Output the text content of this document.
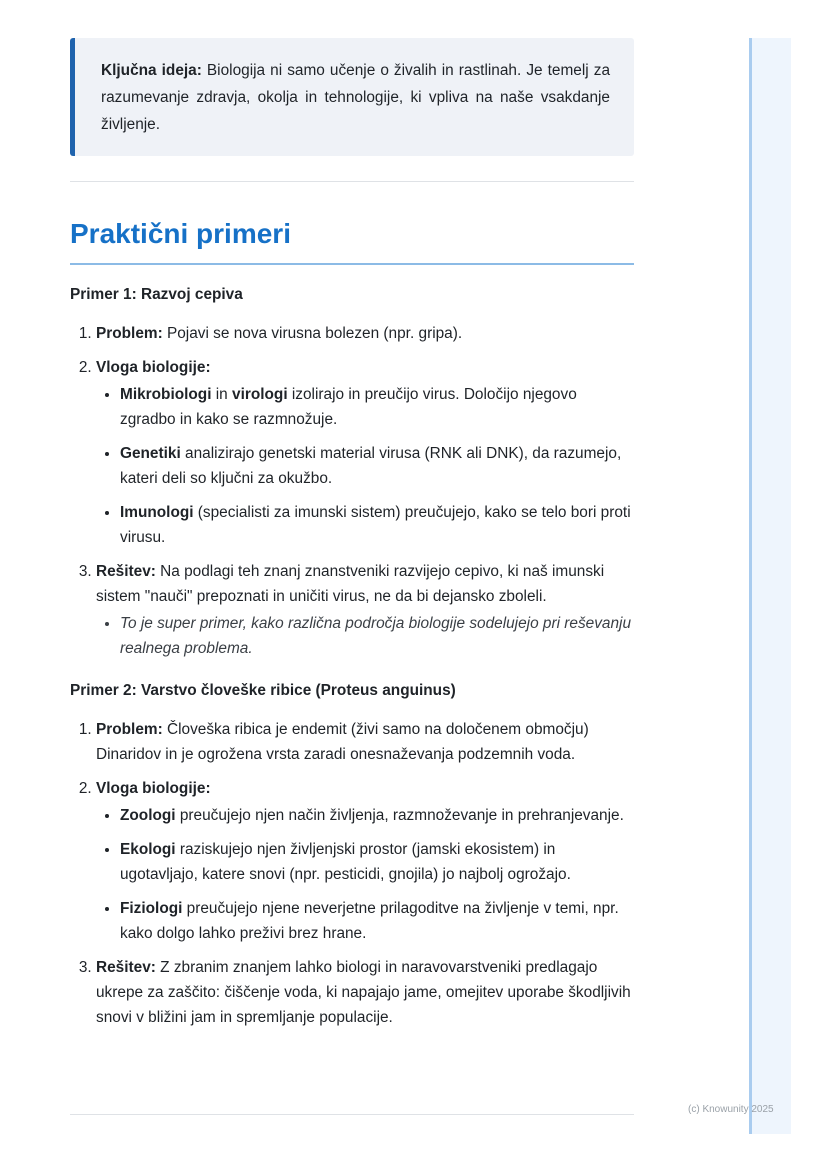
Ključna ideja: Biologija ni samo učenje o živalih in rastlinah. Je temelj za razumevanje zdravja, okolja in tehnologije, ki vpliva na naše vsakdanje življenje.
Praktični primeri
Primer 1: Razvoj cepiva
1. Problem: Pojavi se nova virusna bolezen (npr. gripa).
2. Vloga biologije:
• Mikrobiologi in virologi izolirajo in preučijo virus. Določijo njegovo zgradbo in kako se razmnožuje.
• Genetiki analizirajo genetski material virusa (RNK ali DNK), da razumejo, kateri deli so ključni za okužbo.
• Imunologi (specialisti za imunski sistem) preučujejo, kako se telo bori proti virusu.
3. Rešitev: Na podlagi teh znanj znanstveniki razvijejo cepivo, ki naš imunski sistem "nauči" prepoznati in uničiti virus, ne da bi dejansko zboleli.
• To je super primer, kako različna področja biologije sodelujejo pri reševanju realnega problema.
Primer 2: Varstvo človeške ribice (Proteus anguinus)
1. Problem: Človeška ribica je endemit (živi samo na določenem območju) Dinaridov in je ogrožena vrsta zaradi onesnaževanja podzemnih voda.
2. Vloga biologije:
• Zoologi preučujejo njen način življenja, razmnoževanje in prehranjevanje.
• Ekologi raziskujejo njen življenjski prostor (jamski ekosistem) in ugotavljajo, katere snovi (npr. pesticidi, gnojila) jo najbolj ogrožajo.
• Fiziologi preučujejo njene neverjetne prilagoditve na življenje v temi, npr. kako dolgo lahko preživi brez hrane.
3. Rešitev: Z zbranim znanjem lahko biologi in naravovarstveniki predlagajo ukrepe za zaščito: čiščenje voda, ki napajajo jame, omejitev uporabe škodljivih snovi v bližini jam in spremljanje populacije.
(c) Knowunity 2025
